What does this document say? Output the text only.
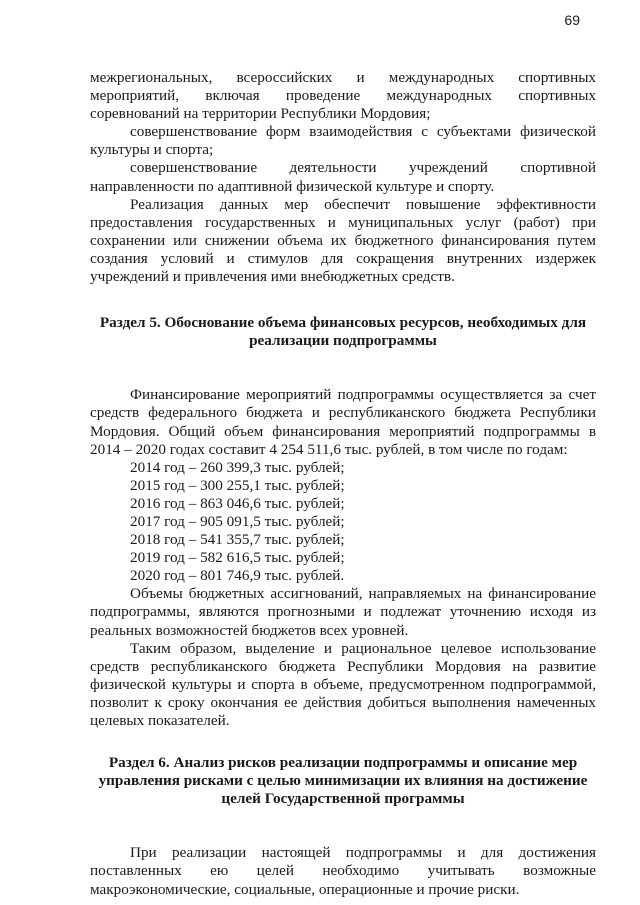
69

межрегиональных, всероссийских и международных спортивных мероприятий, включая проведение международных спортивных соревнований на территории Республики Мордовия;

совершенствование форм взаимодействия с субъектами физической культуры и спорта;

совершенствование деятельности учреждений спортивной направленности по адаптивной физической культуре и спорту.

Реализация данных мер обеспечит повышение эффективности предоставления государственных и муниципальных услуг (работ) при сохранении или снижении объема их бюджетного финансирования путем создания условий и стимулов для сокращения внутренних издержек учреждений и привлечения ими внебюджетных средств.

Раздел 5. Обоснование объема финансовых ресурсов, необходимых для реализации подпрограммы

Финансирование мероприятий подпрограммы осуществляется за счет средств федерального бюджета и республиканского бюджета Республики Мордовия. Общий объем финансирования мероприятий подпрограммы в 2014 – 2020 годах составит 4 254 511,6 тыс. рублей, в том числе по годам:

2014 год – 260 399,3 тыс. рублей;

2015 год – 300 255,1 тыс. рублей;

2016 год – 863 046,6 тыс. рублей;

2017 год – 905 091,5 тыс. рублей;

2018 год – 541 355,7 тыс. рублей;

2019 год – 582 616,5 тыс. рублей;

2020 год – 801 746,9 тыс. рублей.

Объемы бюджетных ассигнований, направляемых на финансирование подпрограммы, являются прогнозными и подлежат уточнению исходя из реальных возможностей бюджетов всех уровней.

Таким образом, выделение и рациональное целевое использование средств республиканского бюджета Республики Мордовия на развитие физической культуры и спорта в объеме, предусмотренном подпрограммой, позволит к сроку окончания ее действия добиться выполнения намеченных целевых показателей.

Раздел 6. Анализ рисков реализации подпрограммы и описание мер управления рисками с целью минимизации их влияния на достижение целей Государственной программы

При реализации настоящей подпрограммы и для достижения поставленных ею целей необходимо учитывать возможные макроэкономические, социальные, операционные и прочие риски.
